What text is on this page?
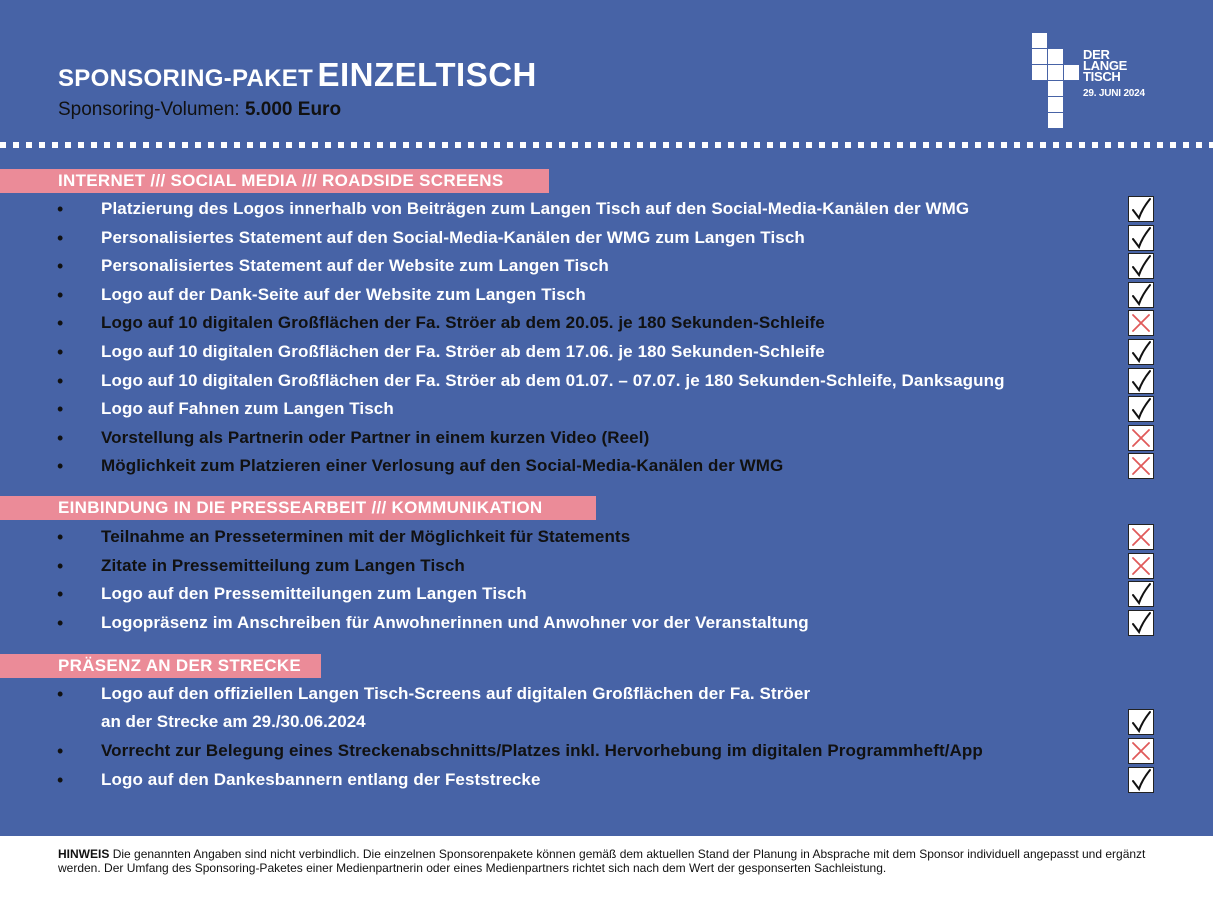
SPONSORING-PAKET EINZELTISCH
Sponsoring-Volumen: 5.000 Euro
DER
LANGE
TISCH
29. JUNI 2024
INTERNET /// SOCIAL MEDIA /// ROADSIDE SCREENS
• Platzierung des Logos innerhalb von Beiträgen zum Langen Tisch auf den Social-Media-Kanälen der WMG
• Personalisiertes Statement auf den Social-Media-Kanälen der WMG zum Langen Tisch
• Personalisiertes Statement auf der Website zum Langen Tisch
• Logo auf der Dank-Seite auf der Website zum Langen Tisch
• Logo auf 10 digitalen Großflächen der Fa. Ströer ab dem 20.05. je 180 Sekunden-Schleife
• Logo auf 10 digitalen Großflächen der Fa. Ströer ab dem 17.06. je 180 Sekunden-Schleife
• Logo auf 10 digitalen Großflächen der Fa. Ströer ab dem 01.07. – 07.07. je 180 Sekunden-Schleife, Danksagung
• Logo auf Fahnen zum Langen Tisch
• Vorstellung als Partnerin oder Partner in einem kurzen Video (Reel)
• Möglichkeit zum Platzieren einer Verlosung auf den Social-Media-Kanälen der WMG
EINBINDUNG IN DIE PRESSEARBEIT /// KOMMUNIKATION
• Teilnahme an Presseterminen mit der Möglichkeit für Statements
• Zitate in Pressemitteilung zum Langen Tisch
• Logo auf den Pressemitteilungen zum Langen Tisch
• Logopräsenz im Anschreiben für Anwohnerinnen und Anwohner vor der Veranstaltung
PRÄSENZ AN DER STRECKE
• Logo auf den offiziellen Langen Tisch-Screens auf digitalen Großflächen der Fa. Ströer
an der Strecke am 29./30.06.2024
• Vorrecht zur Belegung eines Streckenabschnitts/Platzes inkl. Hervorhebung im digitalen Programmheft/App
• Logo auf den Dankesbannern entlang der Feststrecke
HINWEIS Die genannten Angaben sind nicht verbindlich. Die einzelnen Sponsorenpakete können gemäß dem aktuellen Stand der Planung in Absprache mit dem Sponsor individuell angepasst und ergänzt werden. Der Umfang des Sponsoring-Paketes einer Medienpartnerin oder eines Medienpartners richtet sich nach dem Wert der gesponserten Sachleistung.
